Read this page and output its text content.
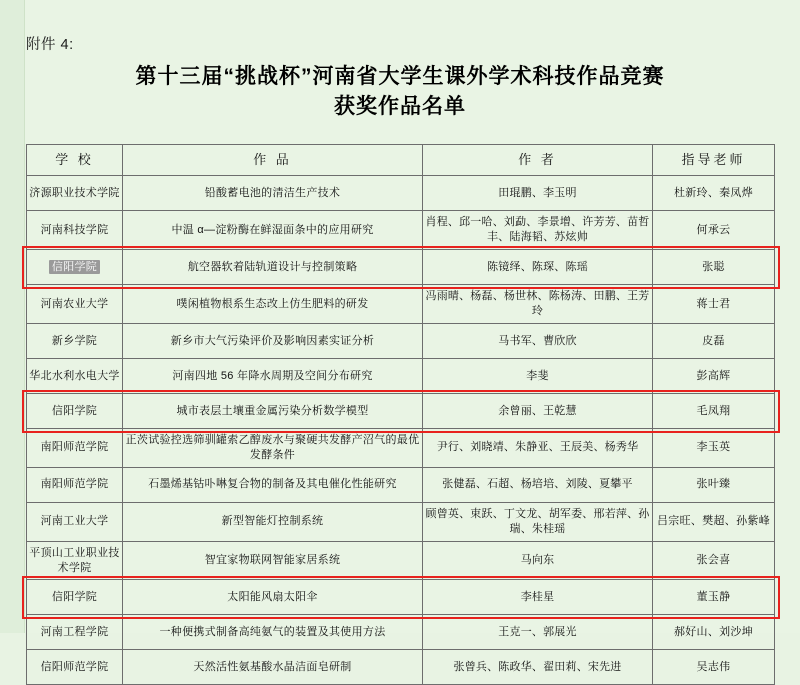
附件 4:
第十三届“挑战杯”河南省大学生课外学术科技作品竞赛
获奖作品名单
学 校	作 品	作 者	指导老师
济源职业技术学院	铅酸蓄电池的清洁生产技术	田琨鹏、李玉明	杜新玲、秦凤烨
河南科技学院	中温 α—淀粉酶在鲜湿面条中的应用研究	肖程、邱一哈、刘勐、李景增、许芳芳、苗哲丰、陆海韬、苏炫帅	何承云
信阳学院	航空器软着陆轨道设计与控制策略	陈镜绎、陈琛、陈瑶	张聪
河南农业大学	噗闲植物根系生态改上仿生肥料的研发	冯雨晴、杨磊、杨世林、陈杨涛、田鹏、王芳玲	蒋士君
新乡学院	新乡市大气污染评价及影响因素实证分析	马书军、曹欣欣	皮磊
华北水利水电大学	河南四地 56 年降水周期及空间分布研究	李斐	彭高辉
信阳学院	城市表层土壤重金属污染分析数学模型	余曾丽、王乾慧	毛凤翔
南阳师范学院	正茨试验控选筛驯罐索乙醇废水与聚硬共发酵产沼气的最优发酵条件	尹行、刘晓靖、朱静亚、王辰美、杨秀华	李玉英
南阳师范学院	石墨烯基钴卟啉复合物的制备及其电催化性能研究	张健磊、石超、杨培培、刘陵、夏攀平	张叶臻
河南工业大学	新型智能灯控制系统	顾曾英、束跃、丁文龙、胡军委、邢若萍、孙瑞、朱桂瑶	吕宗旺、樊超、孙紫峰
平顶山工业职业技术学院	智宜家物联网智能家居系统	马向东	张会喜
信阳学院	太阳能风扇太阳伞	李桂星	董玉静
河南工程学院	一种便携式制备高纯氨气的装置及其使用方法	王克一、郭展光	郝好山、刘沙坤
信阳师范学院	天然活性氨基酸水晶洁面皂研制	张曾兵、陈政华、翟田莉、宋先进	吴志伟
